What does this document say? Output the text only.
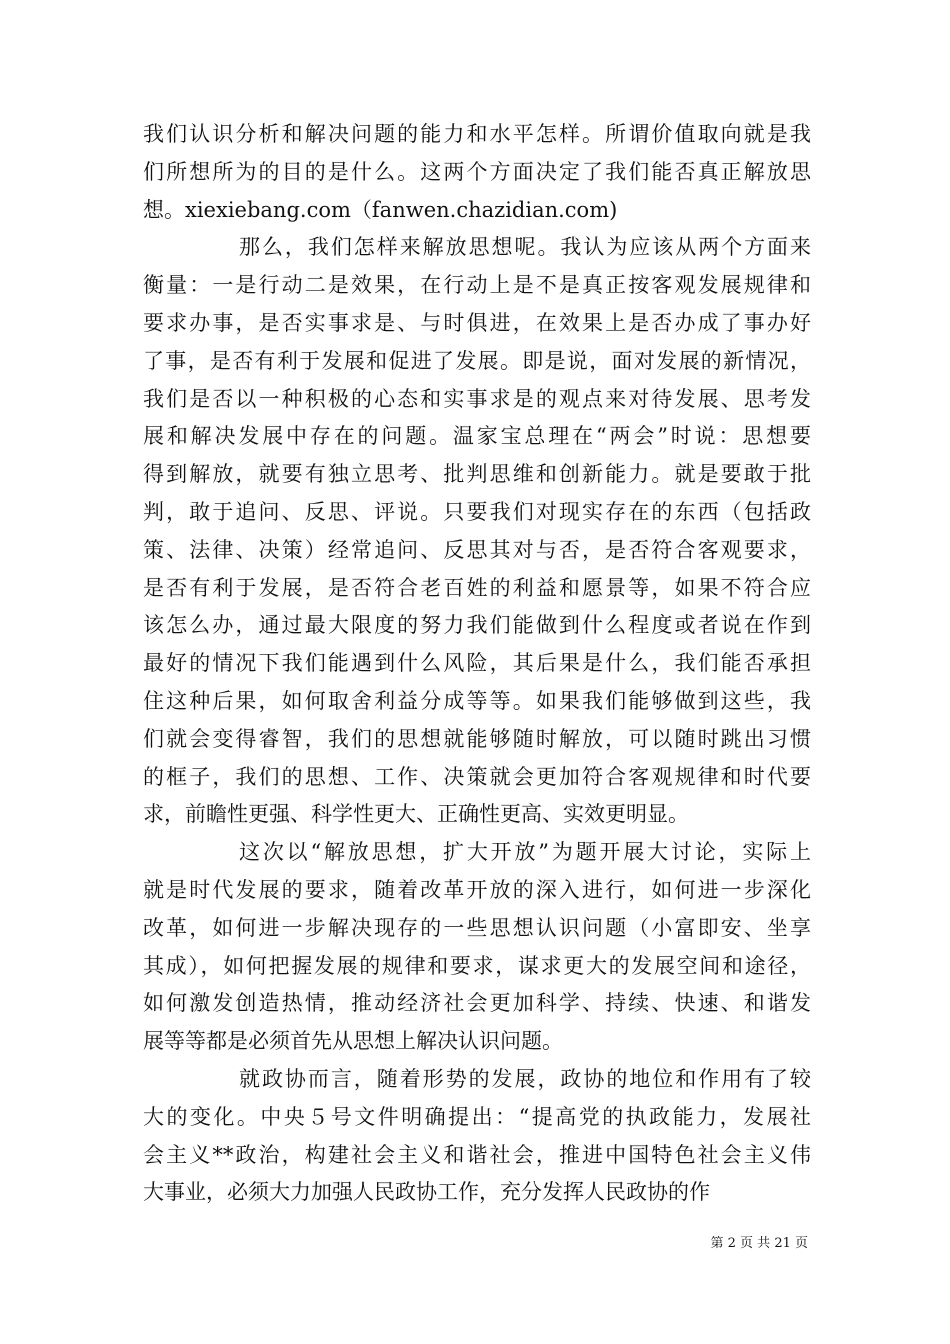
我们认识分析和解决问题的能力和水平怎样。所谓价值取向就是我
们所想所为的目的是什么。这两个方面决定了我们能否真正解放思
想。xiexiebang.com（fanwen.chazidian.com)
那么，我们怎样来解放思想呢。我认为应该从两个方面来
衡量：一是行动二是效果，在行动上是不是真正按客观发展规律和
要求办事，是否实事求是、与时俱进，在效果上是否办成了事办好
了事，是否有利于发展和促进了发展。即是说，面对发展的新情况，
我们是否以一种积极的心态和实事求是的观点来对待发展、思考发
展和解决发展中存在的问题。温家宝总理在“两会”时说：思想要
得到解放，就要有独立思考、批判思维和创新能力。就是要敢于批
判，敢于追问、反思、评说。只要我们对现实存在的东西（包括政
策、法律、决策）经常追问、反思其对与否，是否符合客观要求，
是否有利于发展，是否符合老百姓的利益和愿景等，如果不符合应
该怎么办，通过最大限度的努力我们能做到什么程度或者说在作到
最好的情况下我们能遇到什么风险，其后果是什么，我们能否承担
住这种后果，如何取舍利益分成等等。如果我们能够做到这些，我
们就会变得睿智，我们的思想就能够随时解放，可以随时跳出习惯
的框子，我们的思想、工作、决策就会更加符合客观规律和时代要
求，前瞻性更强、科学性更大、正确性更高、实效更明显。
这次以“解放思想，扩大开放”为题开展大讨论，实际上
就是时代发展的要求，随着改革开放的深入进行，如何进一步深化
改革，如何进一步解决现存的一些思想认识问题（小富即安、坐享
其成），如何把握发展的规律和要求，谋求更大的发展空间和途径，
如何激发创造热情，推动经济社会更加科学、持续、快速、和谐发
展等等都是必须首先从思想上解决认识问题。
就政协而言，随着形势的发展，政协的地位和作用有了较
大的变化。中央５号文件明确提出：“提高党的执政能力，发展社
会主义**政治，构建社会主义和谐社会，推进中国特色社会主义伟
大事业，必须大力加强人民政协工作，充分发挥人民政协的作
第 2 页 共 21 页
